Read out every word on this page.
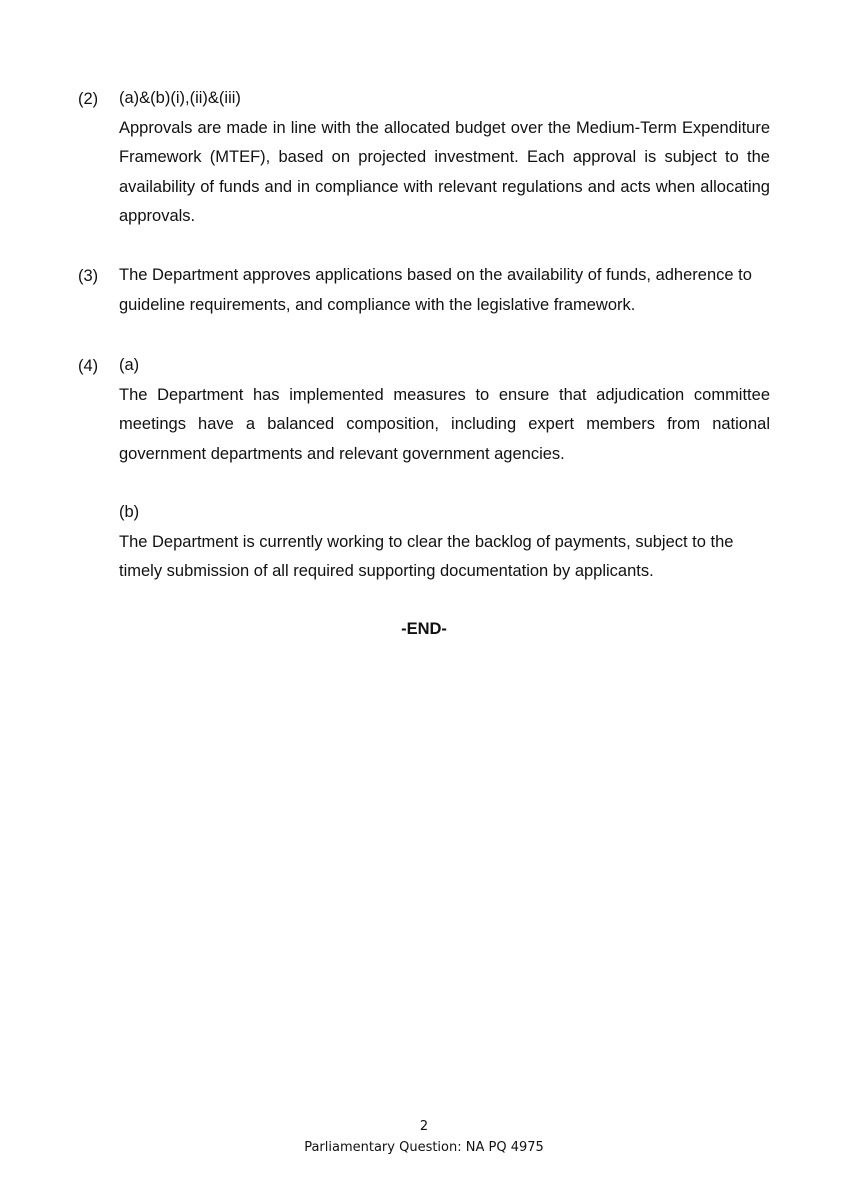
(2) (a)&(b)(i),(ii)&(iii)
Approvals are made in line with the allocated budget over the Medium-Term Expenditure Framework (MTEF), based on projected investment. Each approval is subject to the availability of funds and in compliance with relevant regulations and acts when allocating approvals.
(3) The Department approves applications based on the availability of funds, adherence to guideline requirements, and compliance with the legislative framework.
(4) (a)
The Department has implemented measures to ensure that adjudication committee meetings have a balanced composition, including expert members from national government departments and relevant government agencies.
(b)
The Department is currently working to clear the backlog of payments, subject to the timely submission of all required supporting documentation by applicants.
-END-
2
Parliamentary Question: NA PQ 4975
